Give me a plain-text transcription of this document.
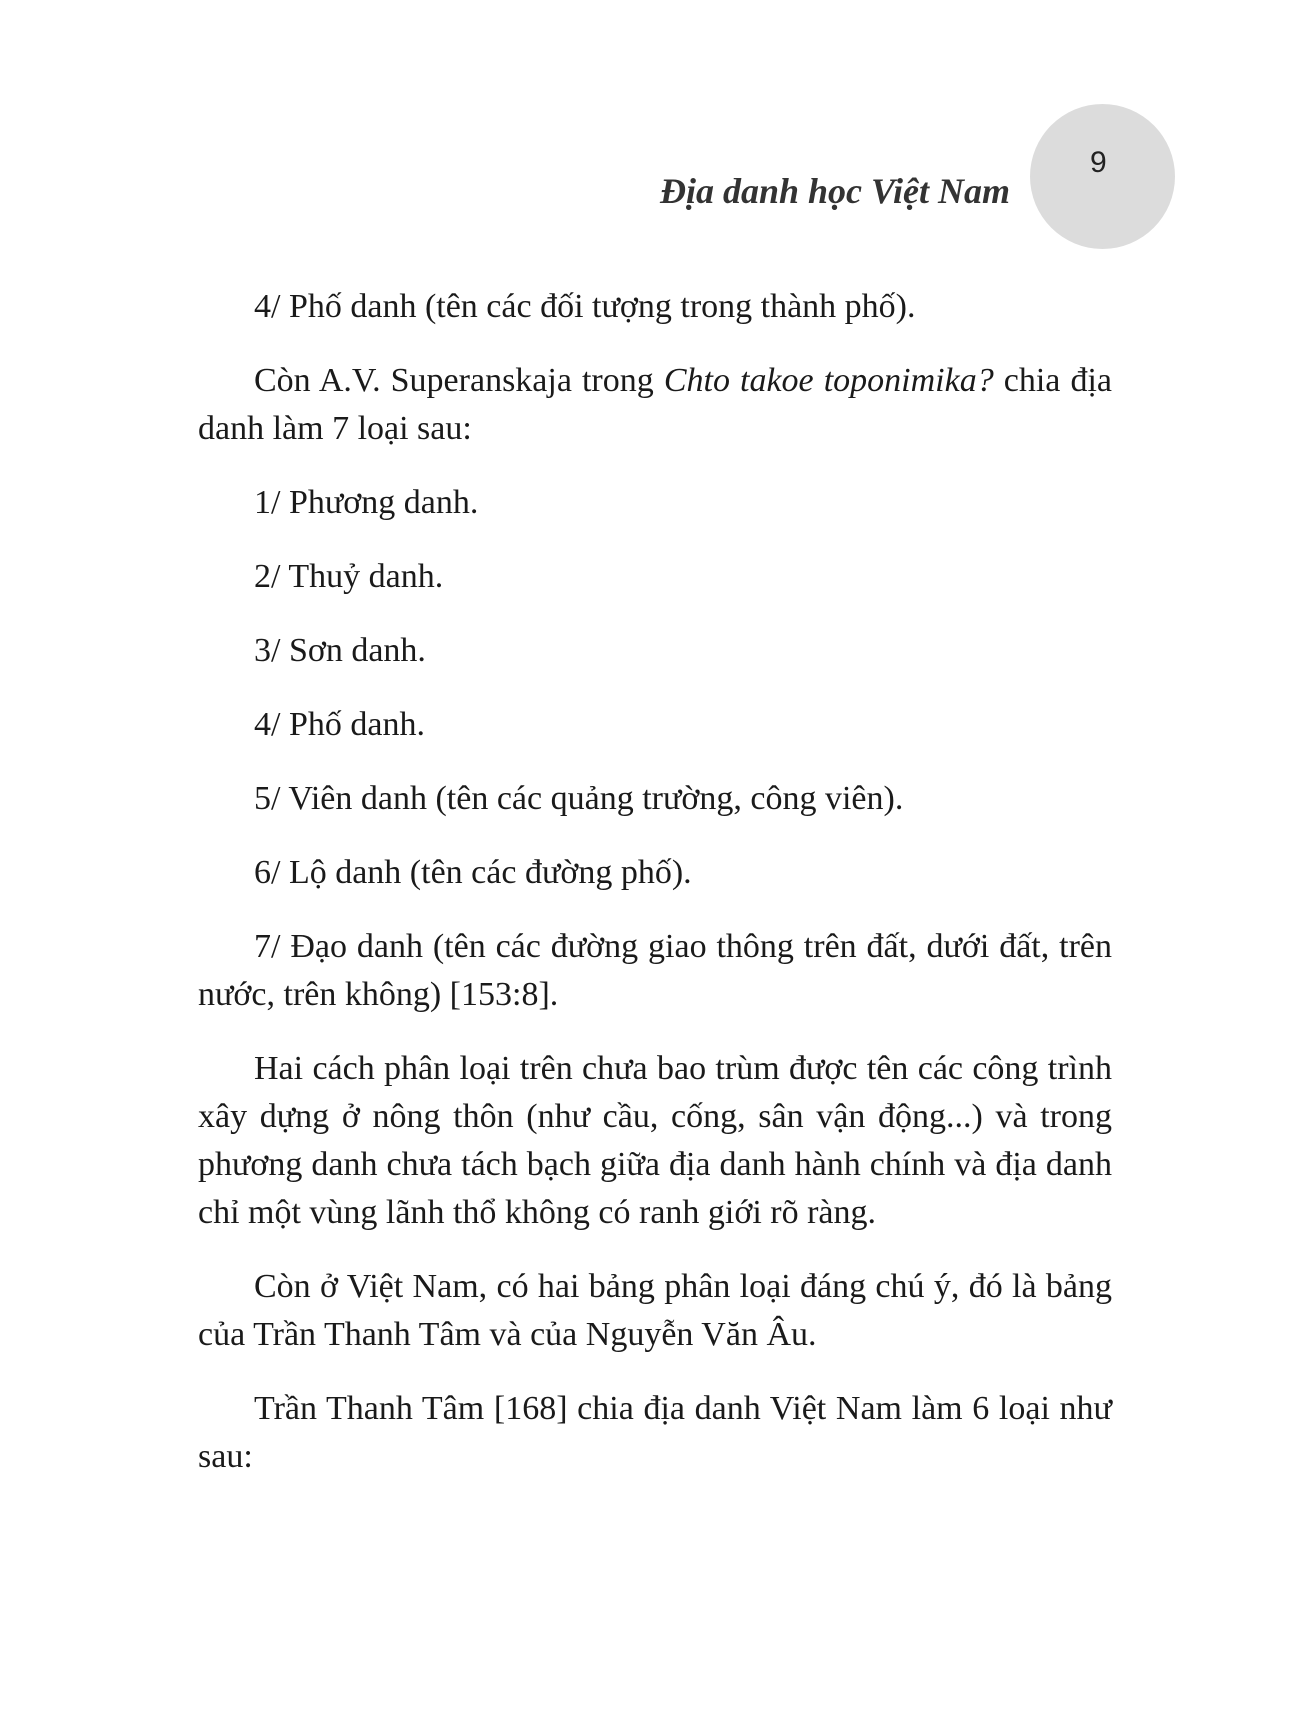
9
Địa danh học Việt Nam

4/ Phố danh (tên các đối tượng trong thành phố).

Còn A.V. Superanskaja trong Chto takoe toponimika? chia địa danh làm 7 loại sau:

1/ Phương danh.

2/ Thuỷ danh.

3/ Sơn danh.

4/ Phố danh.

5/ Viên danh (tên các quảng trường, công viên).

6/ Lộ danh (tên các đường phố).

7/ Đạo danh (tên các đường giao thông trên đất, dưới đất, trên nước, trên không) [153:8].

Hai cách phân loại trên chưa bao trùm được tên các công trình xây dựng ở nông thôn (như cầu, cống, sân vận động...) và trong phương danh chưa tách bạch giữa địa danh hành chính và địa danh chỉ một vùng lãnh thổ không có ranh giới rõ ràng.

Còn ở Việt Nam, có hai bảng phân loại đáng chú ý, đó là bảng của Trần Thanh Tâm và của Nguyễn Văn Âu.

Trần Thanh Tâm [168] chia địa danh Việt Nam làm 6 loại như sau:
